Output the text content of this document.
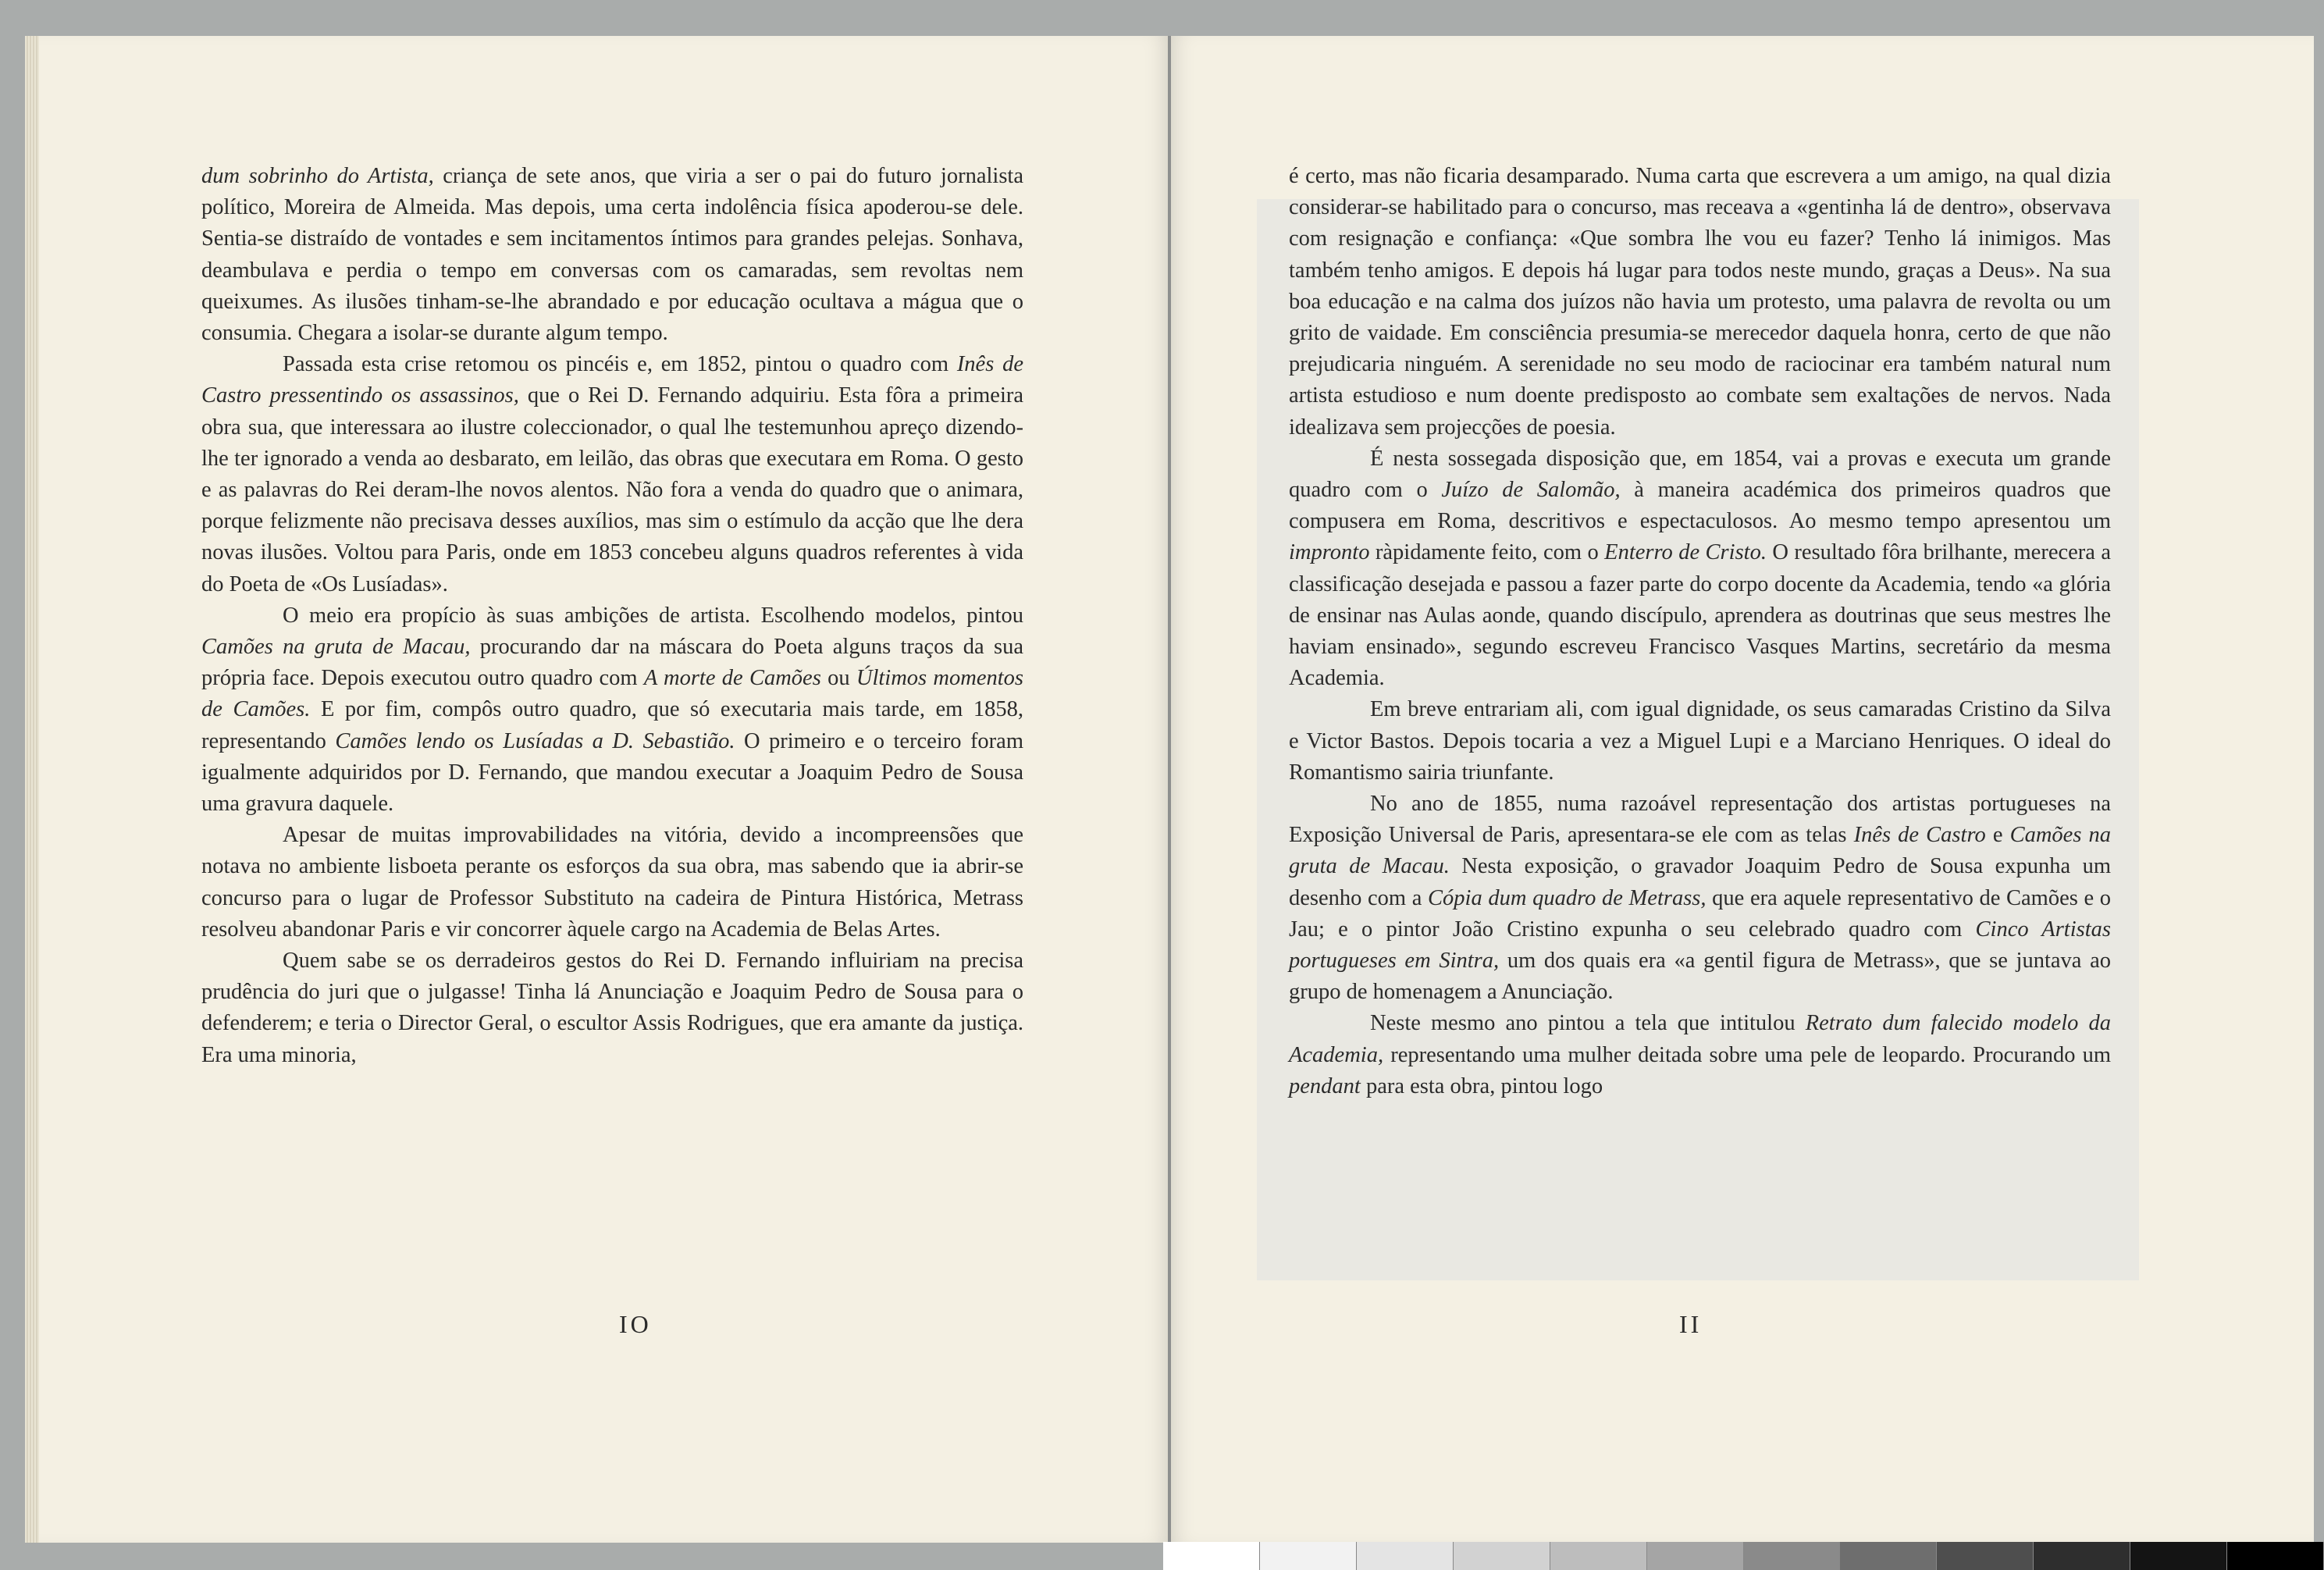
dum sobrinho do Artista, criança de sete anos, que viria a ser o pai do futuro jornalista político, Moreira de Almeida. Mas depois, uma certa indolência física apoderou-se dele. Sentia-se distraído de vontades e sem incitamentos íntimos para grandes pelejas. Sonhava, deambulava e perdia o tempo em conversas com os camaradas, sem revoltas nem queixumes. As ilusões tinham-se-lhe abrandado e por educação ocultava a mágua que o consumia. Chegara a isolar-se durante algum tempo.

Passada esta crise retomou os pincéis e, em 1852, pintou o quadro com Inês de Castro pressentindo os assassinos, que o Rei D. Fernando adquiriu. Esta fôra a primeira obra sua, que interessara ao ilustre coleccionador, o qual lhe testemunhou apreço dizendo-lhe ter ignorado a venda ao desbarato, em leilão, das obras que executara em Roma. O gesto e as palavras do Rei deram-lhe novos alentos. Não fora a venda do quadro que o animara, porque felizmente não precisava desses auxílios, mas sim o estímulo da acção que lhe dera novas ilusões. Voltou para Paris, onde em 1853 concebeu alguns quadros referentes à vida do Poeta de «Os Lusíadas».

O meio era propício às suas ambições de artista. Escolhendo modelos, pintou Camões na gruta de Macau, procurando dar na máscara do Poeta alguns traços da sua própria face. Depois executou outro quadro com A morte de Camões ou Últimos momentos de Camões. E por fim, compôs outro quadro, que só executaria mais tarde, em 1858, representando Camões lendo os Lusíadas a D. Sebastião. O primeiro e o terceiro foram igualmente adquiridos por D. Fernando, que mandou executar a Joaquim Pedro de Sousa uma gravura daquele.

Apesar de muitas improvabilidades na vitória, devido a incompreensões que notava no ambiente lisboeta perante os esforços da sua obra, mas sabendo que ia abrir-se concurso para o lugar de Professor Substituto na cadeira de Pintura Histórica, Metrass resolveu abandonar Paris e vir concorrer àquele cargo na Academia de Belas Artes.

Quem sabe se os derradeiros gestos do Rei D. Fernando influiriam na precisa prudência do juri que o julgasse! Tinha lá Anunciação e Joaquim Pedro de Sousa para o defenderem; e teria o Director Geral, o escultor Assis Rodrigues, que era amante da justiça. Era uma minoria,

IO

é certo, mas não ficaria desamparado. Numa carta que escrevera a um amigo, na qual dizia considerar-se habilitado para o concurso, mas receava a «gentinha lá de dentro», observava com resignação e confiança: «Que sombra lhe vou eu fazer? Tenho lá inimigos. Mas também tenho amigos. E depois há lugar para todos neste mundo, graças a Deus». Na sua boa educação e na calma dos juízos não havia um protesto, uma palavra de revolta ou um grito de vaidade. Em consciência presumia-se merecedor daquela honra, certo de que não prejudicaria ninguém. A serenidade no seu modo de raciocinar era também natural num artista estudioso e num doente predisposto ao combate sem exaltações de nervos. Nada idealizava sem projecções de poesia.

É nesta sossegada disposição que, em 1854, vai a provas e executa um grande quadro com o Juízo de Salomão, à maneira académica dos primeiros quadros que compusera em Roma, descritivos e espectaculosos. Ao mesmo tempo apresentou um impronto ràpidamente feito, com o Enterro de Cristo. O resultado fôra brilhante, merecera a classificação desejada e passou a fazer parte do corpo docente da Academia, tendo «a glória de ensinar nas Aulas aonde, quando discípulo, aprendera as doutrinas que seus mestres lhe haviam ensinado», segundo escreveu Francisco Vasques Martins, secretário da mesma Academia.

Em breve entrariam ali, com igual dignidade, os seus camaradas Cristino da Silva e Victor Bastos. Depois tocaria a vez a Miguel Lupi e a Marciano Henriques. O ideal do Romantismo sairia triunfante.

No ano de 1855, numa razoável representação dos artistas portugueses na Exposição Universal de Paris, apresentara-se ele com as telas Inês de Castro e Camões na gruta de Macau. Nesta exposição, o gravador Joaquim Pedro de Sousa expunha um desenho com a Cópia dum quadro de Metrass, que era aquele representativo de Camões e o Jau; e o pintor João Cristino expunha o seu celebrado quadro com Cinco Artistas portugueses em Sintra, um dos quais era «a gentil figura de Metrass», que se juntava ao grupo de homenagem a Anunciação.

Neste mesmo ano pintou a tela que intitulou Retrato dum falecido modelo da Academia, representando uma mulher deitada sobre uma pele de leopardo. Procurando um pendant para esta obra, pintou logo

II
